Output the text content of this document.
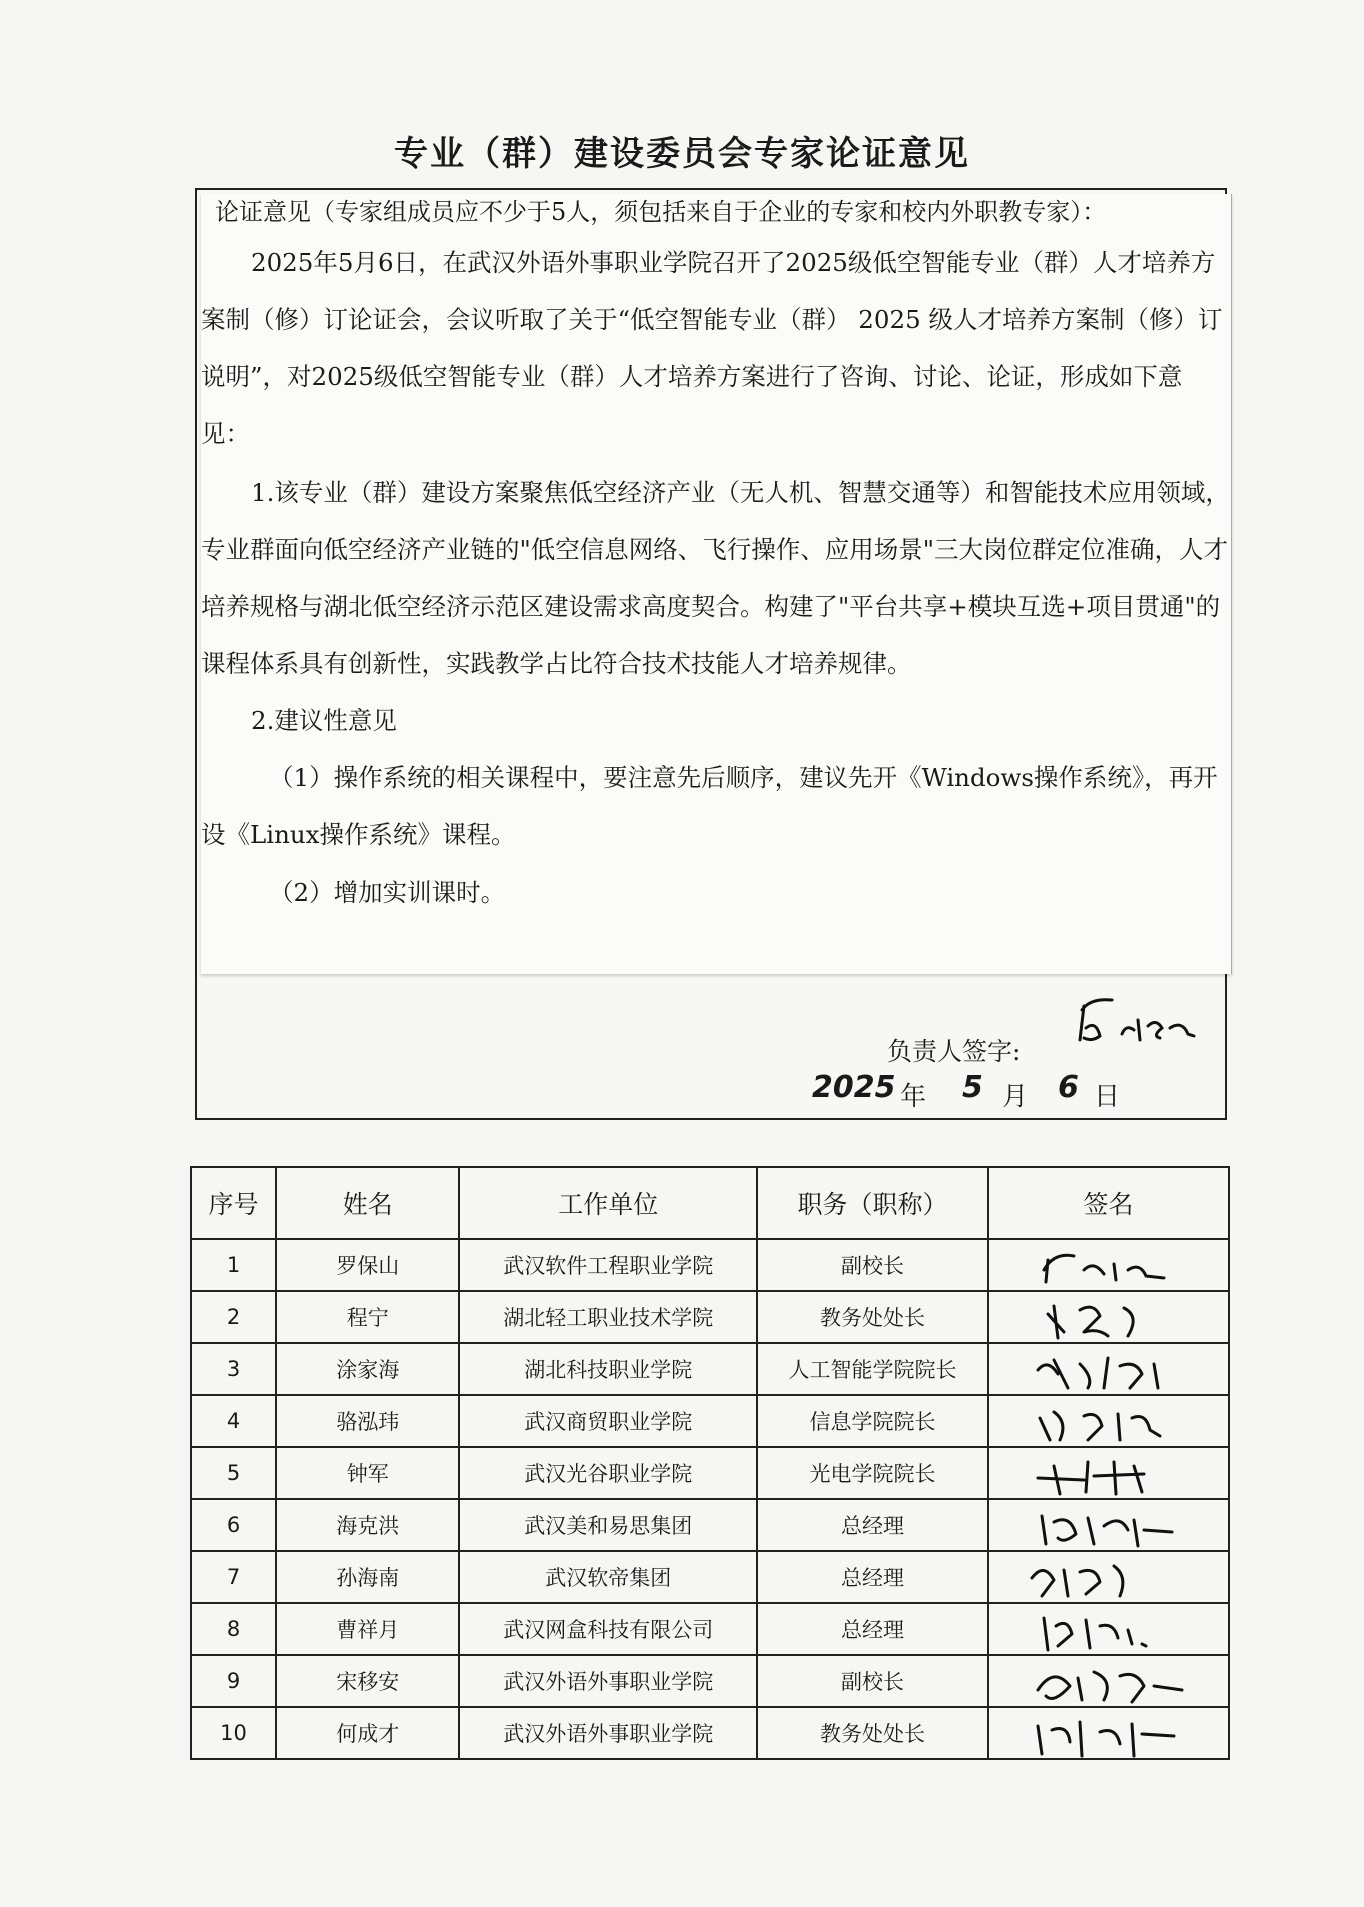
专业（群）建设委员会专家论证意见

论证意见（专家组成员应不少于5人，须包括来自于企业的专家和校内外职教专家）：

2025年5月6日，在武汉外语外事职业学院召开了2025级低空智能专业（群）人才培养方案制（修）订论证会，会议听取了关于“低空智能专业（群） 2025 级人才培养方案制（修）订说明”，对2025级低空智能专业（群）人才培养方案进行了咨询、讨论、论证，形成如下意见：

1.该专业（群）建设方案聚焦低空经济产业（无人机、智慧交通等）和智能技术应用领域，专业群面向低空经济产业链的"低空信息网络、飞行操作、应用场景"三大岗位群定位准确，人才培养规格与湖北低空经济示范区建设需求高度契合。构建了"平台共享+模块互选+项目贯通"的课程体系具有创新性，实践教学占比符合技术技能人才培养规律。

2.建议性意见

（1）操作系统的相关课程中，要注意先后顺序，建议先开《Windows操作系统》，再开设《Linux操作系统》课程。

（2）增加实训课时。

负责人签字:
2025 年 5 月 6 日
序号	姓名	工作单位	职务（职称）	签名
1	罗保山	武汉软件工程职业学院	副校长	

2	程宁	湖北轻工职业技术学院	教务处处长	

3	涂家海	湖北科技职业学院	人工智能学院院长	

4	骆泓玮	武汉商贸职业学院	信息学院院长	

5	钟军	武汉光谷职业学院	光电学院院长	

6	海克洪	武汉美和易思集团	总经理	

7	孙海南	武汉软帝集团	总经理	

8	曹祥月	武汉网盒科技有限公司	总经理	

9	宋移安	武汉外语外事职业学院	副校长	

10	何成才	武汉外语外事职业学院	教务处处长	
